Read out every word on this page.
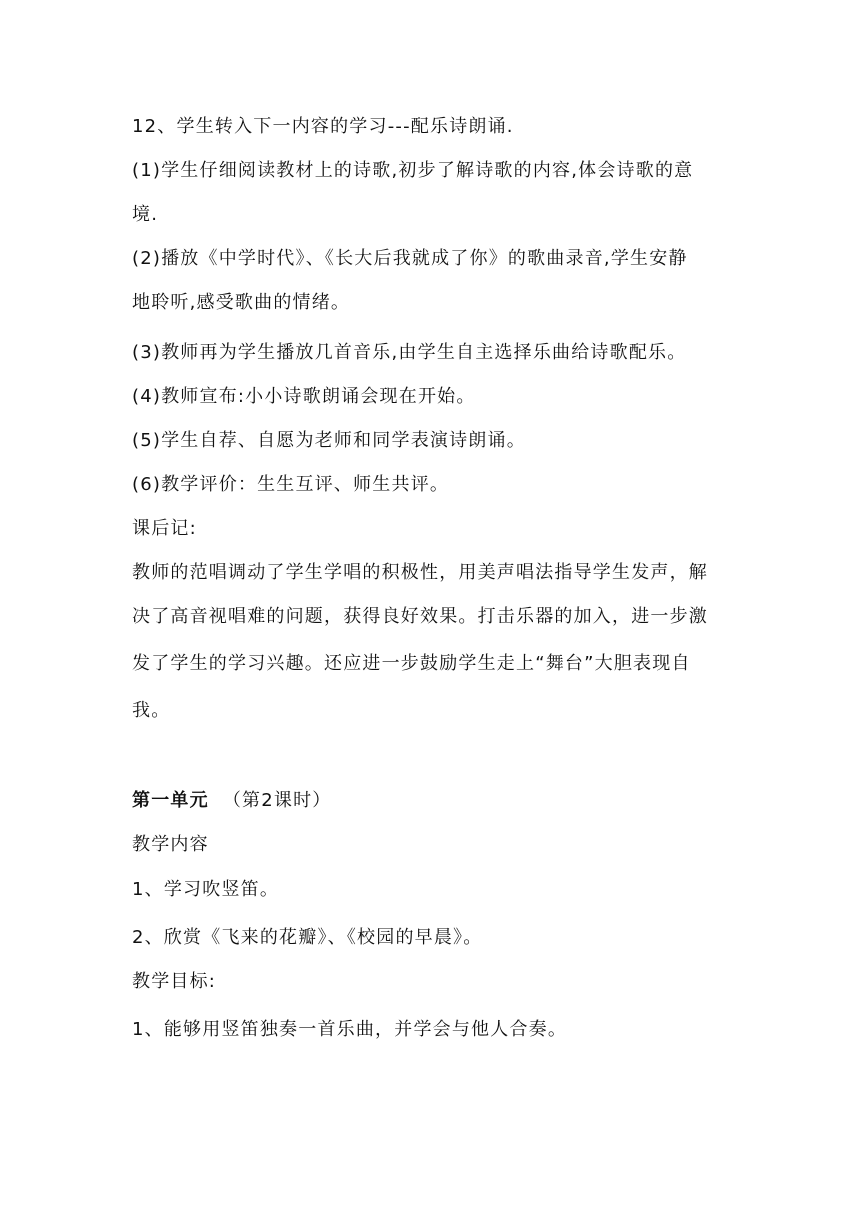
12、学生转入下一内容的学习---配乐诗朗诵.
(1)学生仔细阅读教材上的诗歌,初步了解诗歌的内容,体会诗歌的意
境.
(2)播放《中学时代》、《长大后我就成了你》的歌曲录音,学生安静
地聆听,感受歌曲的情绪。
(3)教师再为学生播放几首音乐,由学生自主选择乐曲给诗歌配乐。
(4)教师宣布:小小诗歌朗诵会现在开始。
(5)学生自荐、自愿为老师和同学表演诗朗诵。
(6)教学评价：生生互评、师生共评。
课后记:
教师的范唱调动了学生学唱的积极性，用美声唱法指导学生发声，解
决了高音视唱难的问题，获得良好效果。打击乐器的加入，进一步激
发了学生的学习兴趣。还应进一步鼓励学生走上“舞台”大胆表现自
我。
第一单元 （第2课时）
教学内容
1、学习吹竖笛。
2、欣赏《飞来的花瓣》、《校园的早晨》。
教学目标:
1、能够用竖笛独奏一首乐曲，并学会与他人合奏。
